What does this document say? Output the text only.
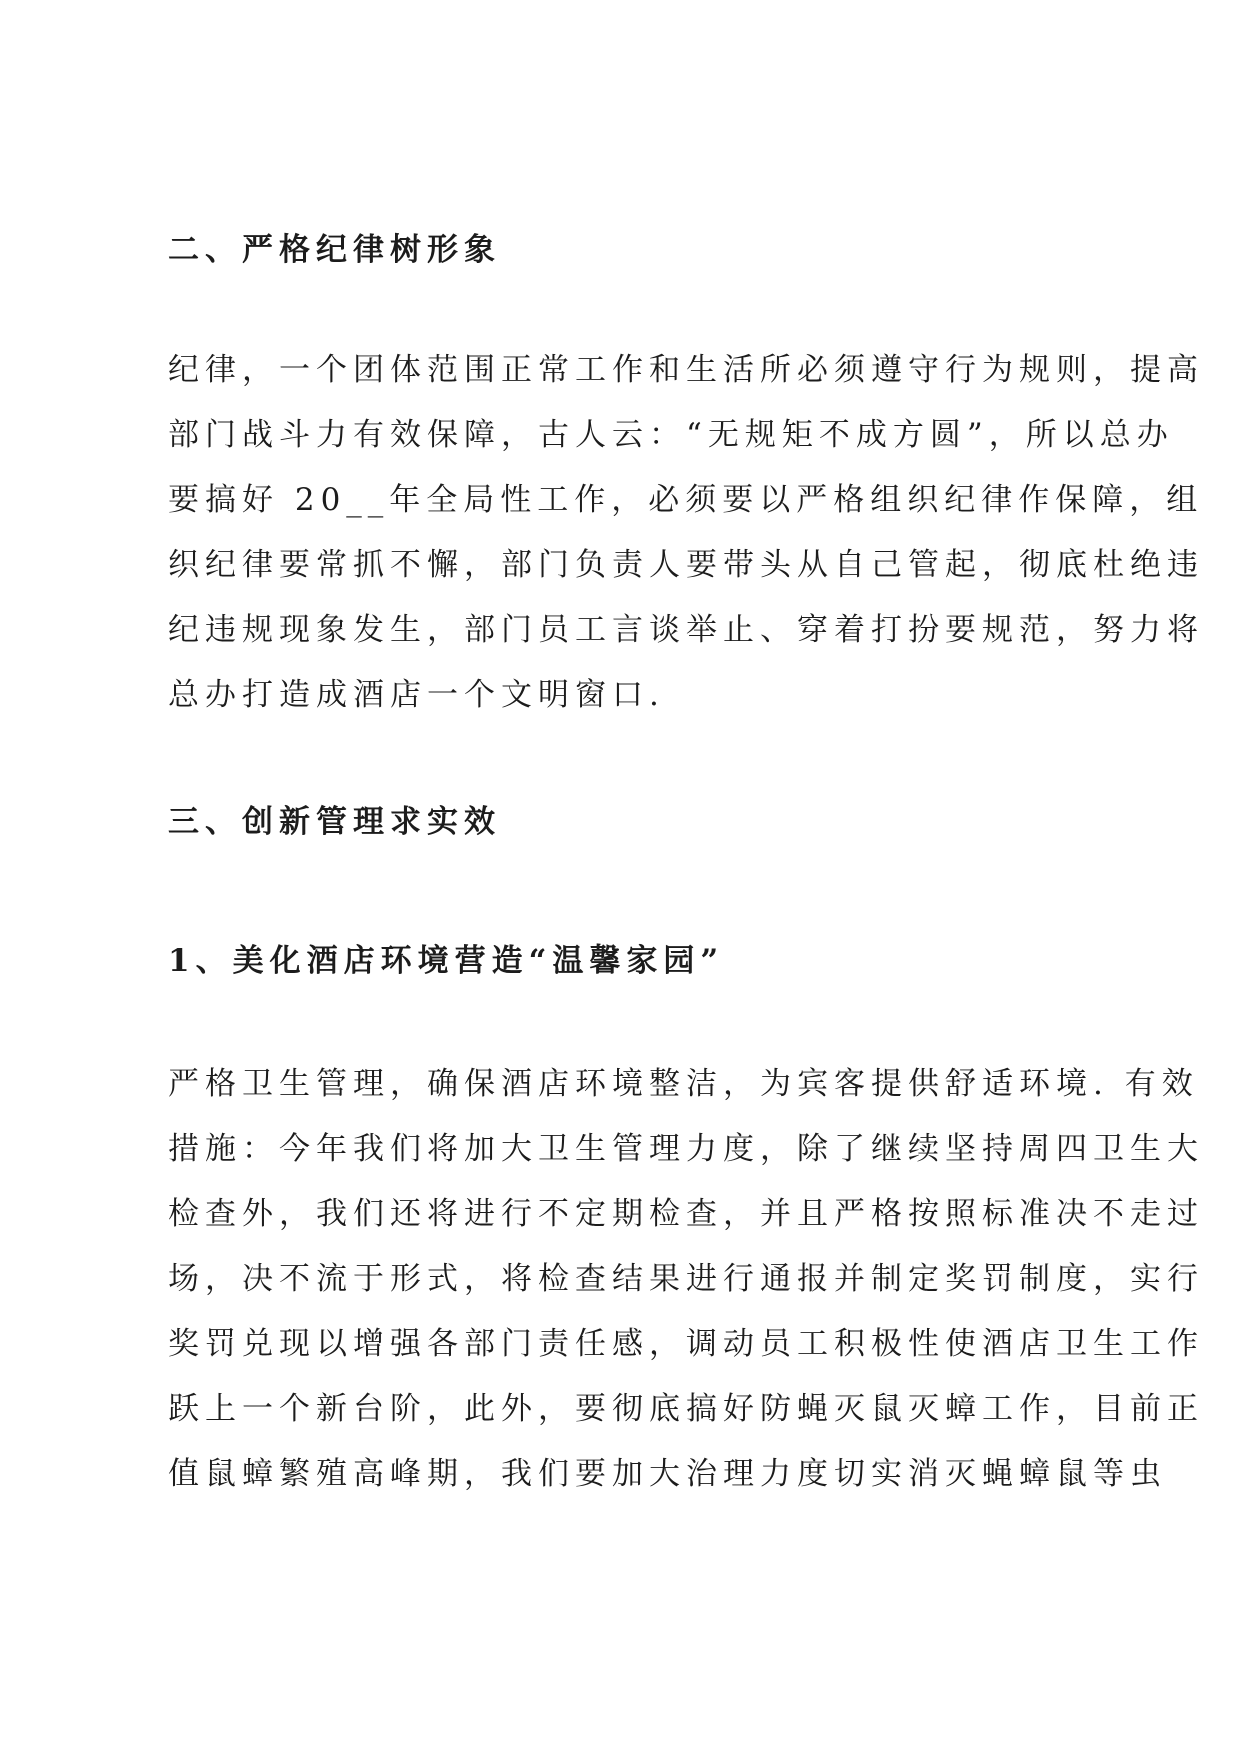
二、严格纪律树形象
纪律，一个团体范围正常工作和生活所必须遵守行为规则，提高
部门战斗力有效保障，古人云：“无规矩不成方圆”，所以总办
要搞好 20__年全局性工作，必须要以严格组织纪律作保障，组
织纪律要常抓不懈，部门负责人要带头从自己管起，彻底杜绝违
纪违规现象发生，部门员工言谈举止、穿着打扮要规范，努力将
总办打造成酒店一个文明窗口.
三、创新管理求实效
1、美化酒店环境营造“温馨家园”
严格卫生管理，确保酒店环境整洁，为宾客提供舒适环境. 有效
措施：今年我们将加大卫生管理力度，除了继续坚持周四卫生大
检查外，我们还将进行不定期检查，并且严格按照标准决不走过
场，决不流于形式，将检查结果进行通报并制定奖罚制度，实行
奖罚兑现以增强各部门责任感，调动员工积极性使酒店卫生工作
跃上一个新台阶，此外，要彻底搞好防蝇灭鼠灭蟑工作，目前正
值鼠蟑繁殖高峰期，我们要加大治理力度切实消灭蝇蟑鼠等虫
